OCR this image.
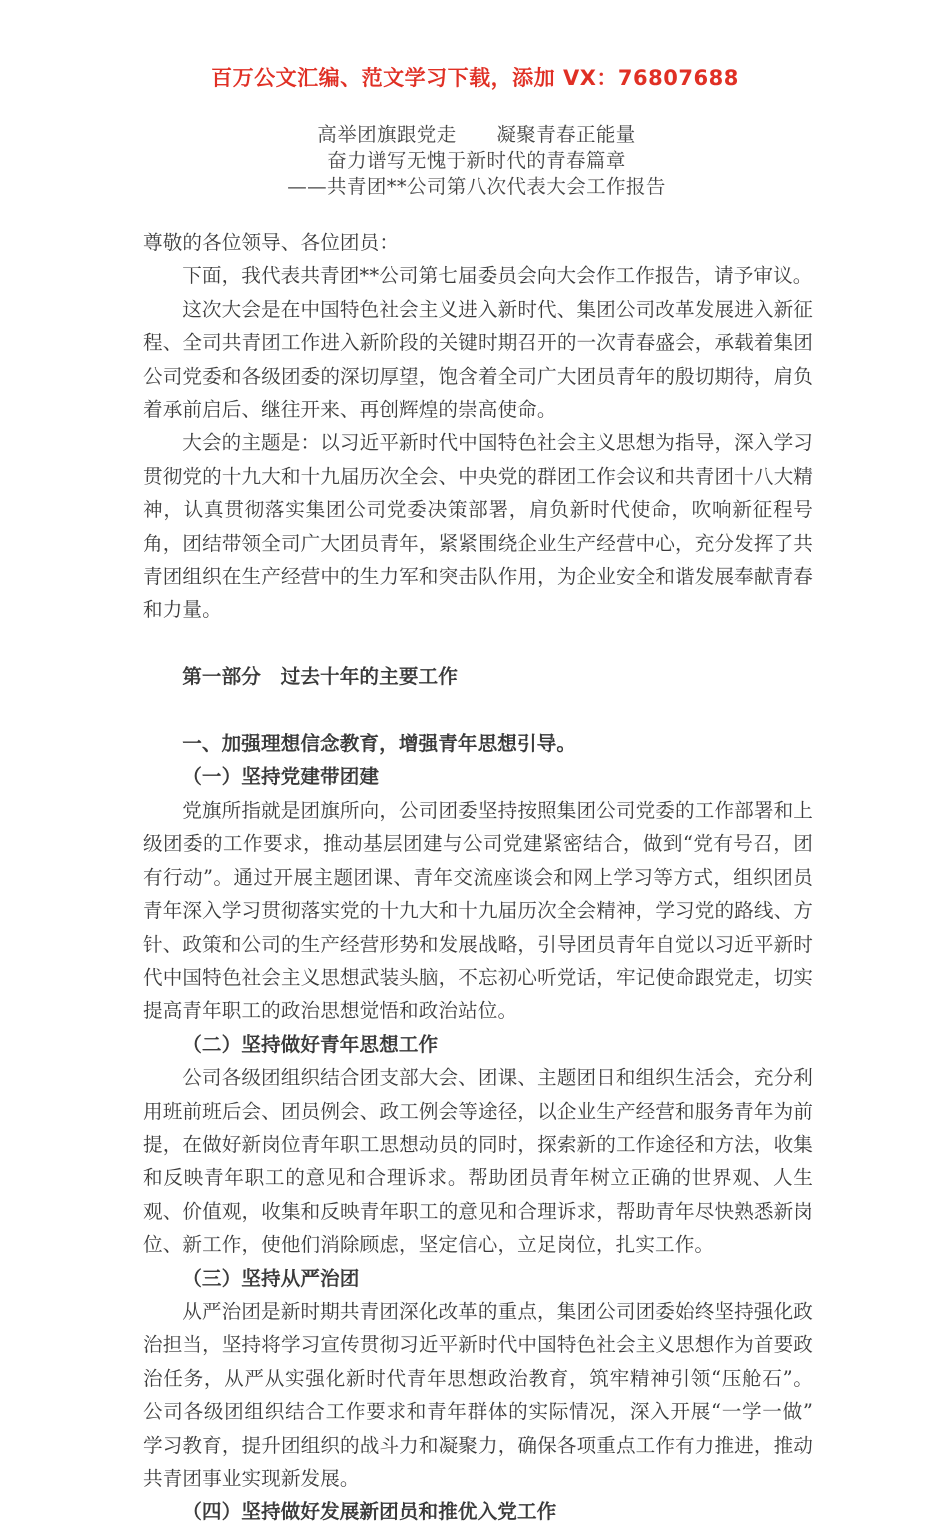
百万公文汇编、范文学习下载，添加 VX：76807688
高举团旗跟党走　　凝聚青春正能量
奋力谱写无愧于新时代的青春篇章
——共青团**公司第八次代表大会工作报告

尊敬的各位领导、各位团员：

下面，我代表共青团**公司第七届委员会向大会作工作报告，请予审议。

这次大会是在中国特色社会主义进入新时代、集团公司改革发展进入新征程、全司共青团工作进入新阶段的关键时期召开的一次青春盛会，承载着集团公司党委和各级团委的深切厚望，饱含着全司广大团员青年的殷切期待，肩负着承前启后、继往开来、再创辉煌的崇高使命。

大会的主题是：以习近平新时代中国特色社会主义思想为指导，深入学习贯彻党的十九大和十九届历次全会、中央党的群团工作会议和共青团十八大精神，认真贯彻落实集团公司党委决策部署，肩负新时代使命，吹响新征程号角，团结带领全司广大团员青年，紧紧围绕企业生产经营中心，充分发挥了共青团组织在生产经营中的生力军和突击队作用，为企业安全和谐发展奉献青春和力量。

第一部分　过去十年的主要工作

一、加强理想信念教育，增强青年思想引导。

（一）坚持党建带团建

党旗所指就是团旗所向，公司团委坚持按照集团公司党委的工作部署和上级团委的工作要求，推动基层团建与公司党建紧密结合，做到“党有号召，团有行动”。通过开展主题团课、青年交流座谈会和网上学习等方式，组织团员青年深入学习贯彻落实党的十九大和十九届历次全会精神，学习党的路线、方针、政策和公司的生产经营形势和发展战略，引导团员青年自觉以习近平新时代中国特色社会主义思想武装头脑，不忘初心听党话，牢记使命跟党走，切实提高青年职工的政治思想觉悟和政治站位。

（二）坚持做好青年思想工作

公司各级团组织结合团支部大会、团课、主题团日和组织生活会，充分利用班前班后会、团员例会、政工例会等途径，以企业生产经营和服务青年为前提，在做好新岗位青年职工思想动员的同时，探索新的工作途径和方法，收集和反映青年职工的意见和合理诉求。帮助团员青年树立正确的世界观、人生观、价值观，收集和反映青年职工的意见和合理诉求，帮助青年尽快熟悉新岗位、新工作，使他们消除顾虑，坚定信心，立足岗位，扎实工作。

（三）坚持从严治团

从严治团是新时期共青团深化改革的重点，集团公司团委始终坚持强化政治担当，坚持将学习宣传贯彻习近平新时代中国特色社会主义思想作为首要政治任务，从严从实强化新时代青年思想政治教育，筑牢精神引领“压舱石”。公司各级团组织结合工作要求和青年群体的实际情况，深入开展“一学一做”学习教育，提升团组织的战斗力和凝聚力，确保各项重点工作有力推进，推动共青团事业实现新发展。

（四）坚持做好发展新团员和推优入党工作
